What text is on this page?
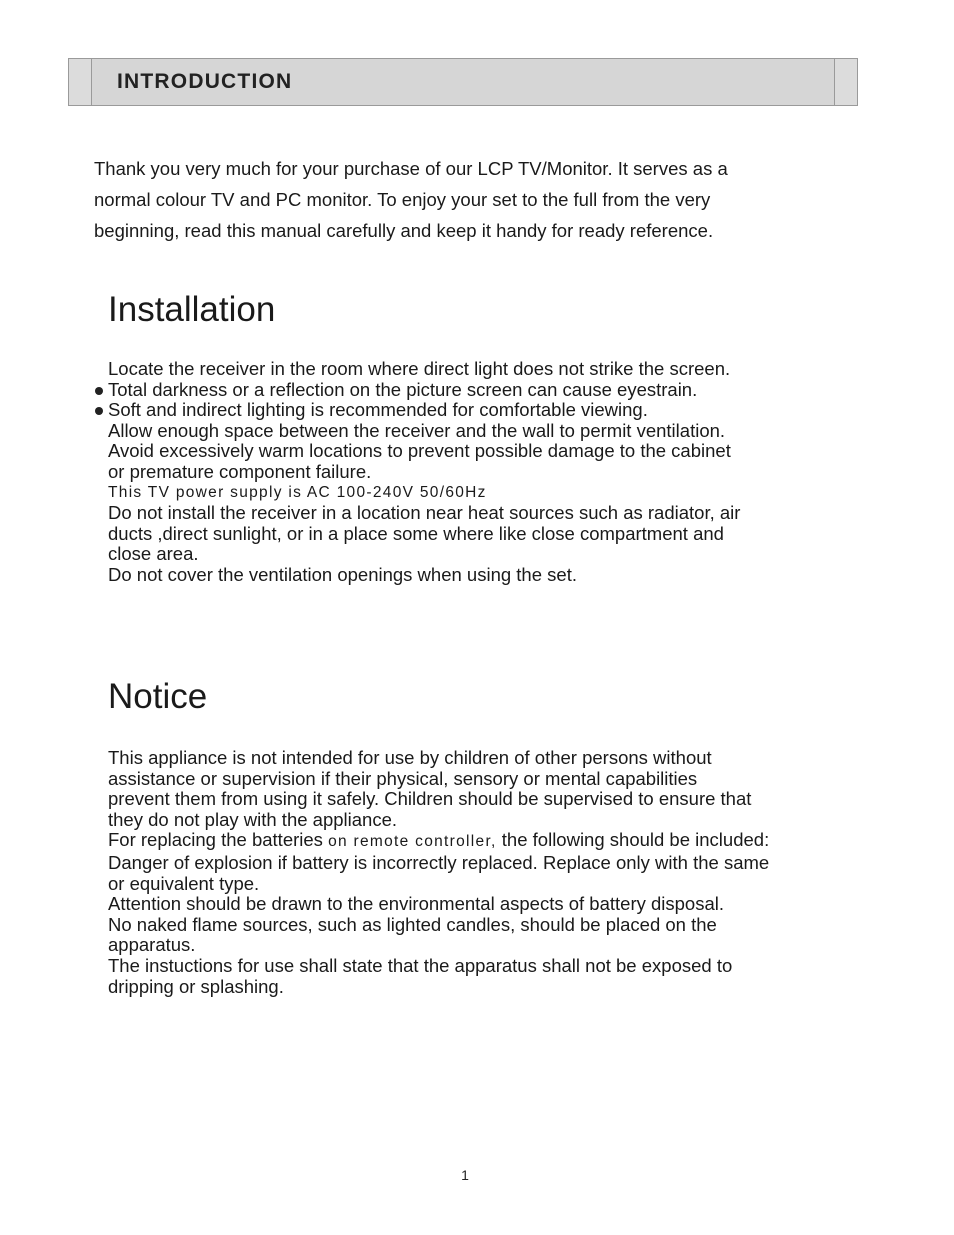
INTRODUCTION
Thank you very much for your purchase of our LCP TV/Monitor. It serves as a
normal colour TV and PC monitor. To enjoy your set to the full from the very
beginning, read this manual carefully and keep it handy for ready reference.
Installation
Locate the receiver in the room where direct light does not strike the screen.
Total darkness or a reflection on the picture screen can cause eyestrain.
Soft and indirect lighting is recommended for comfortable viewing.
Allow enough space between the receiver and the wall to permit ventilation.
Avoid excessively warm locations to prevent possible damage to the cabinet
or premature component failure.
This TV power supply is AC 100-240V 50/60Hz
Do not install the receiver in a location near heat sources such as radiator, air
ducts ,direct sunlight, or in a place some where like close compartment and
close area.
Do not cover the ventilation openings when using the set.
Notice
This appliance is not intended for use by children of other persons without
assistance or supervision if their physical, sensory or mental capabilities
prevent them from using it safely. Children should be supervised to ensure that
they do not play with the appliance.
For replacing the batteries on remote controller, the following should be included:
Danger of explosion if battery is incorrectly replaced. Replace only with the same
or equivalent type.
Attention should be drawn to the environmental aspects of battery disposal.
No naked flame sources, such as lighted candles, should be placed on the
apparatus.
The instuctions for use shall state that the apparatus shall not be exposed to
dripping or splashing.
1
